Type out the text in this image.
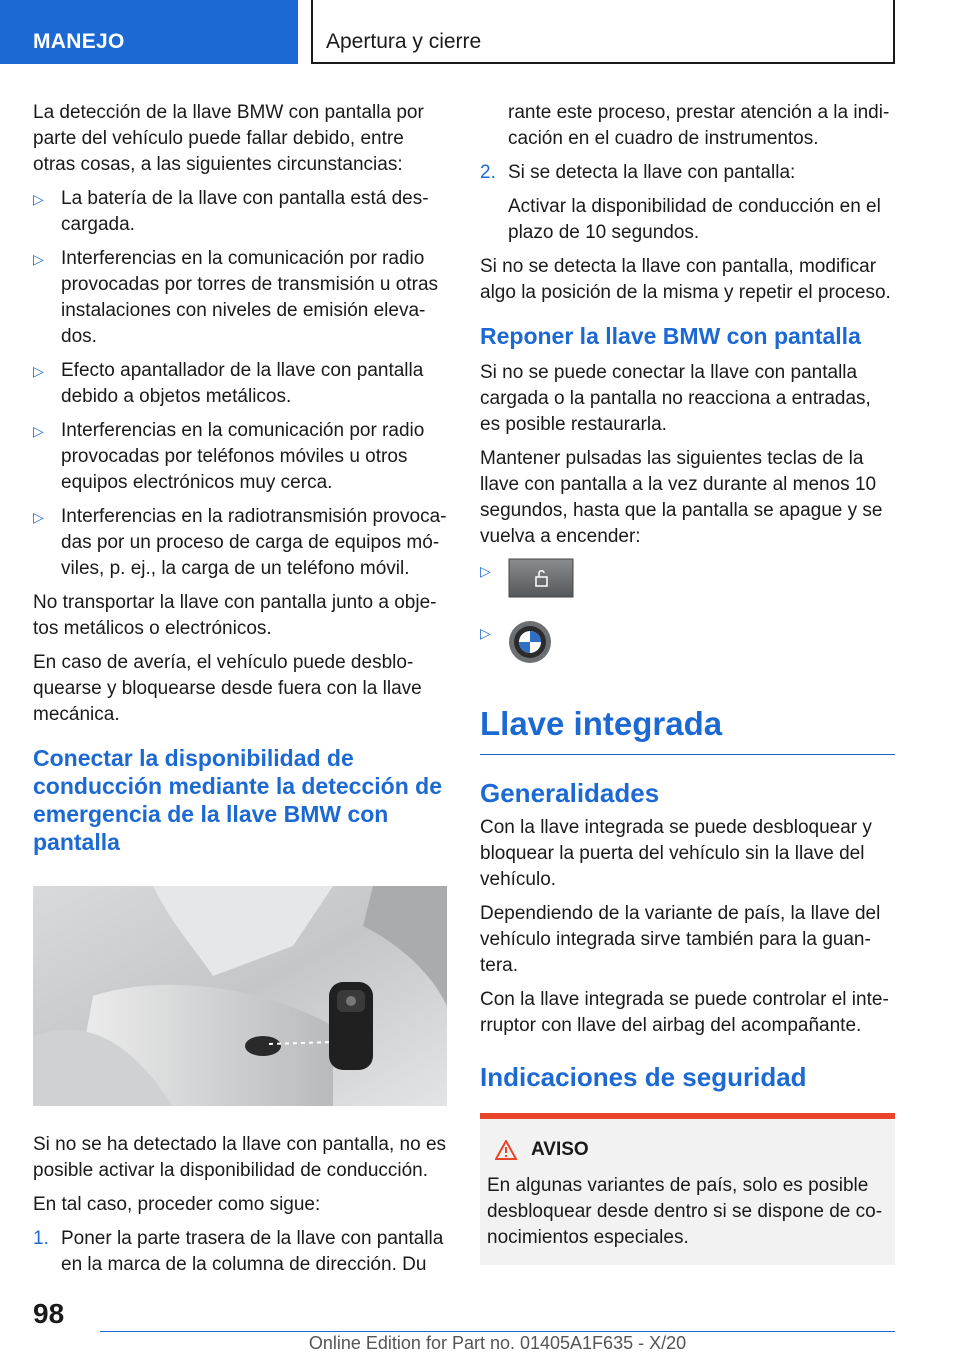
MANEJO	Apertura y cierre

La detección de la llave BMW con pantalla por parte del vehículo puede fallar debido, entre otras cosas, a las siguientes circunstancias:

▷ La batería de la llave con pantalla está descargada.
▷ Interferencias en la comunicación por radio provocadas por torres de transmisión u otras instalaciones con niveles de emisión elevados.
▷ Efecto apantallador de la llave con pantalla debido a objetos metálicos.
▷ Interferencias en la comunicación por radio provocadas por teléfonos móviles u otros equipos electrónicos muy cerca.
▷ Interferencias en la radiotransmisión provocadas por un proceso de carga de equipos móviles, p. ej., la carga de un teléfono móvil.

No transportar la llave con pantalla junto a objetos metálicos o electrónicos.

En caso de avería, el vehículo puede desbloquearse y bloquearse desde fuera con la llave mecánica.

Conectar la disponibilidad de conducción mediante la detección de emergencia de la llave BMW con pantalla

Si no se ha detectado la llave con pantalla, no es posible activar la disponibilidad de conducción.

En tal caso, proceder como sigue:

1. Poner la parte trasera de la llave con pantalla en la marca de la columna de dirección. Du

rante este proceso, prestar atención a la indicación en el cuadro de instrumentos.

2. Si se detecta la llave con pantalla:

Activar la disponibilidad de conducción en el plazo de 10 segundos.

Si no se detecta la llave con pantalla, modificar algo la posición de la misma y repetir el proceso.

Reponer la llave BMW con pantalla

Si no se puede conectar la llave con pantalla cargada o la pantalla no reacciona a entradas, es posible restaurarla.

Mantener pulsadas las siguientes teclas de la llave con pantalla a la vez durante al menos 10 segundos, hasta que la pantalla se apague y se vuelva a encender:

▷
▷
Llave integrada
Generalidades

Con la llave integrada se puede desbloquear y bloquear la puerta del vehículo sin la llave del vehículo.

Dependiendo de la variante de país, la llave del vehículo integrada sirve también para la guantera.

Con la llave integrada se puede controlar el interruptor con llave del airbag del acompañante.

Indicaciones de seguridad
AVISO

En algunas variantes de país, solo es posible desbloquear desde dentro si se dispone de conocimientos especiales.

98
Online Edition for Part no. 01405A1F635 - X/20
